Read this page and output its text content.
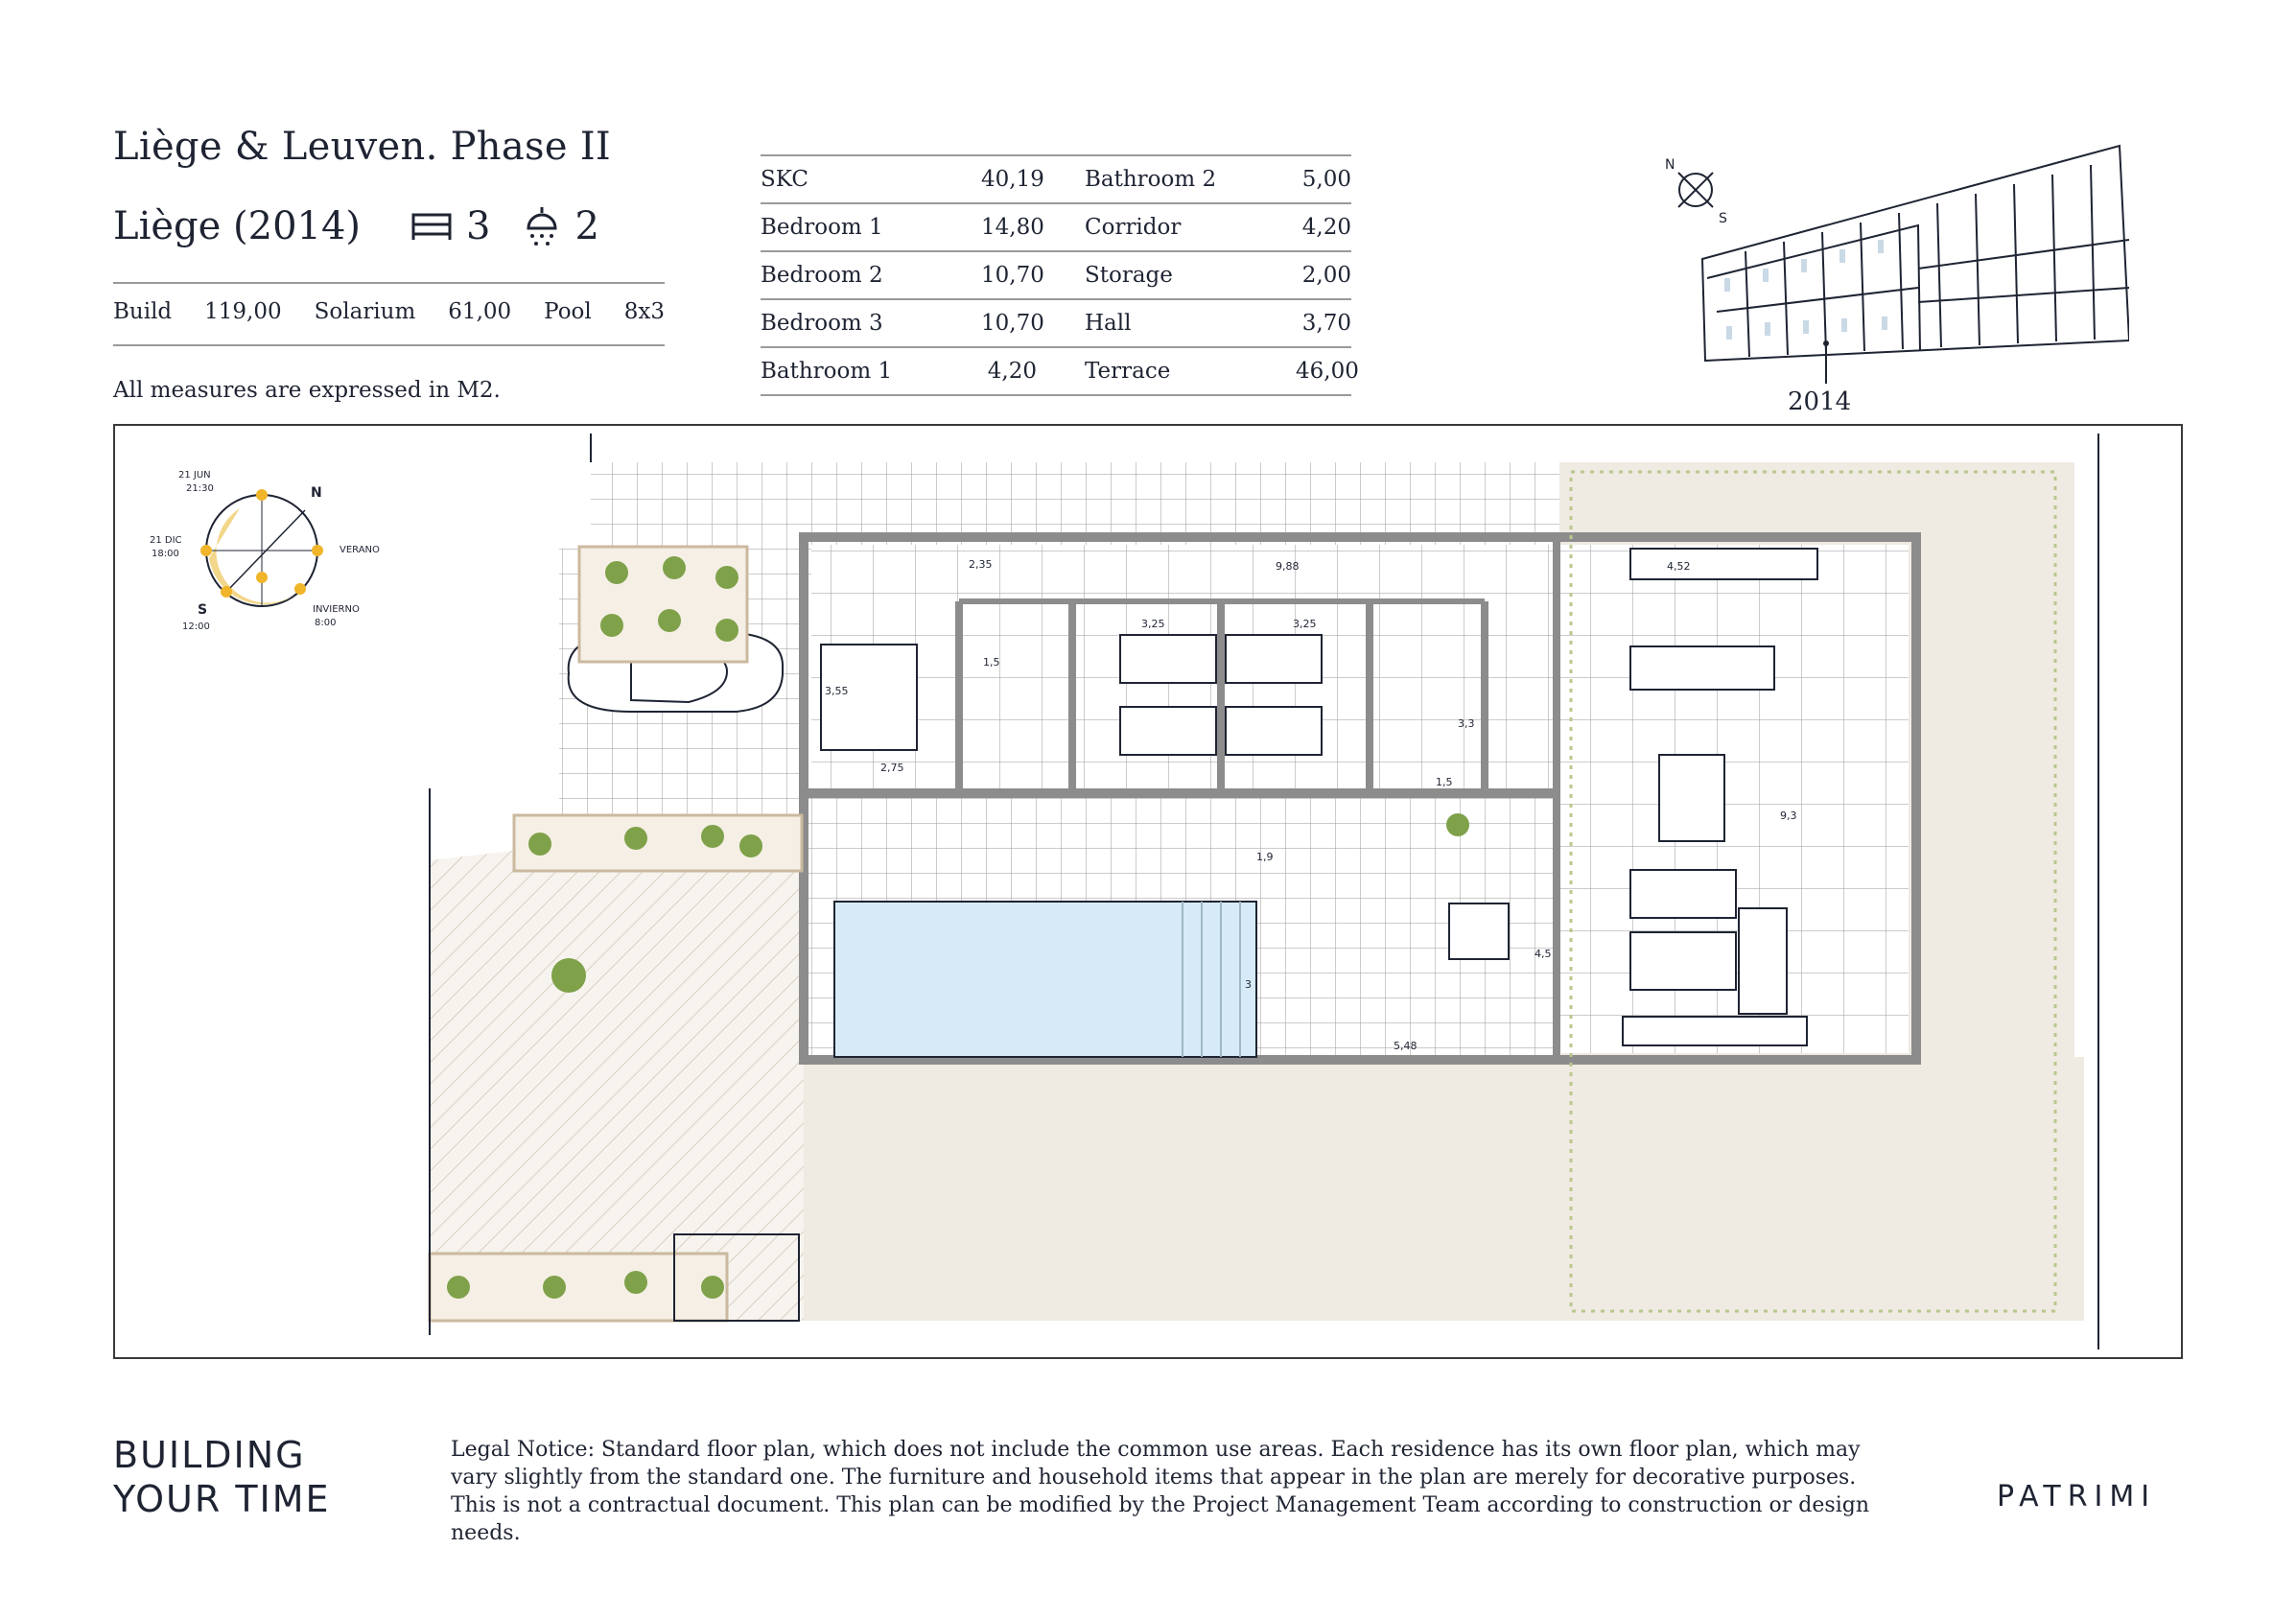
Liège & Leuven. Phase II
Liège (2014)	3 2
Build 119,00 Solarium 61,00 Pool 8x3
All measures are expressed in M2.
SKC	40,19 Bathroom 2	5,00
Bedroom 1	14,80 Corridor	4,20
Bedroom 2	10,70 Storage	2,00
Bedroom 3	10,70 Hall	3,70
Bathroom 1	4,20 Terrace	46,00
N
S
2014
21 JUN
21:30
21 DIC
18:00	VERANO
INVIERNO
8:00
12:00
N
S
2,35	9,88	4,52
3,25	3,25
1,5
3,55
2,75
3,3
1,5
1,9
9,3
3
5,48
4,5
BUILDING
YOUR TIME
Legal Notice: Standard floor plan, which does not include the common use areas. Each residence has its own floor plan, which may vary slightly from the standard one. The furniture and household items that appear in the plan are merely for decorative purposes. This is not a contractual document. This plan can be modified by the Project Management Team according to construction or design needs.
PATRIMI
